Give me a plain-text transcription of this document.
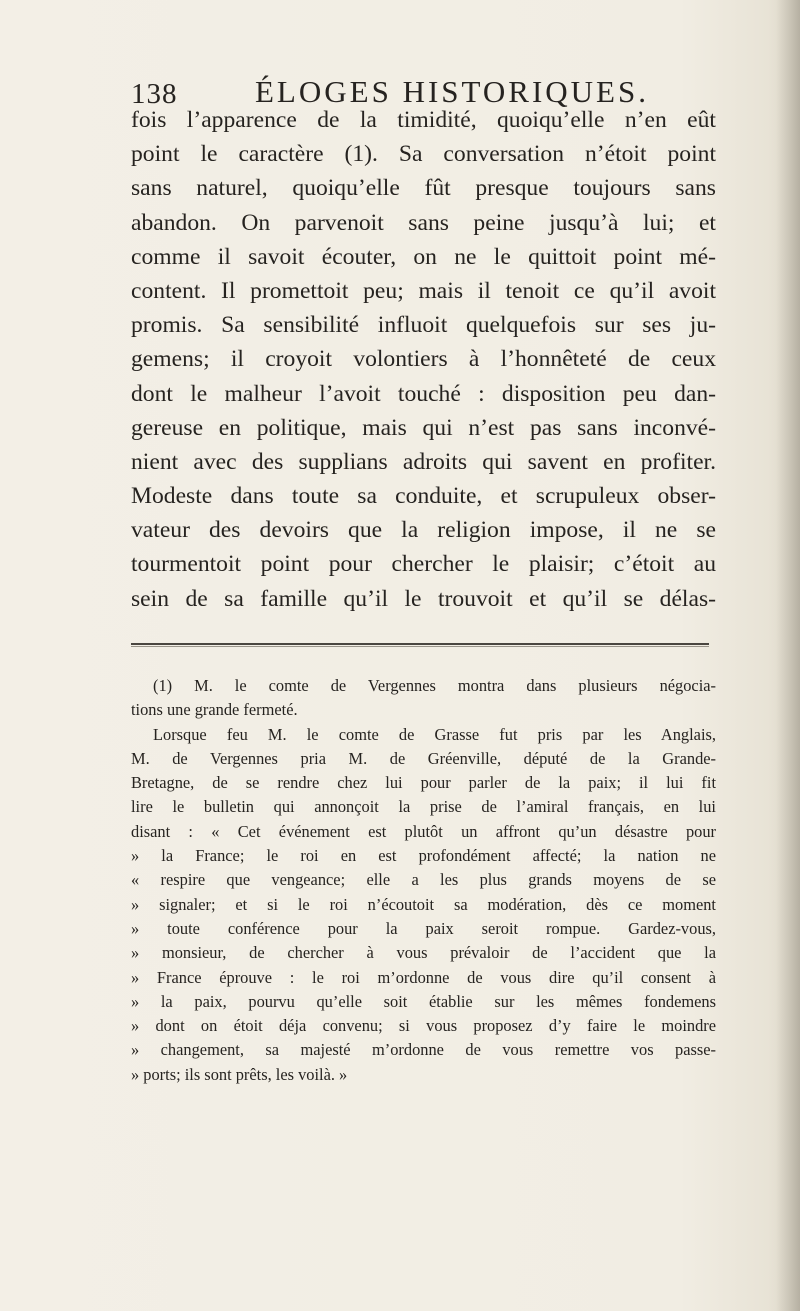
138	ÉLOGES HISTORIQUES.
fois l’apparence de la timidité, quoiqu’elle n’en eût
point le caractère (1). Sa conversation n’étoit point
sans naturel, quoiqu’elle fût presque toujours sans
abandon. On parvenoit sans peine jusqu’à lui; et
comme il savoit écouter, on ne le quittoit point mé-
content. Il promettoit peu; mais il tenoit ce qu’il avoit
promis. Sa sensibilité influoit quelquefois sur ses ju-
gemens; il croyoit volontiers à l’honnêteté de ceux
dont le malheur l’avoit touché : disposition peu dan-
gereuse en politique, mais qui n’est pas sans inconvé-
nient avec des supplians adroits qui savent en profiter.
Modeste dans toute sa conduite, et scrupuleux obser-
vateur des devoirs que la religion impose, il ne se
tourmentoit point pour chercher le plaisir; c’étoit au
sein de sa famille qu’il le trouvoit et qu’il se délas-
(1) M. le comte de Vergennes montra dans plusieurs négocia-
tions une grande fermeté.
Lorsque feu M. le comte de Grasse fut pris par les Anglais,
M. de Vergennes pria M. de Gréenville, député de la Grande-
Bretagne, de se rendre chez lui pour parler de la paix; il lui fit
lire le bulletin qui annonçoit la prise de l’amiral français, en lui
disant : « Cet événement est plutôt un affront qu’un désastre pour
» la France; le roi en est profondément affecté; la nation ne
« respire que vengeance; elle a les plus grands moyens de se
» signaler; et si le roi n’écoutoit sa modération, dès ce moment
» toute conférence pour la paix seroit rompue. Gardez-vous,
» monsieur, de chercher à vous prévaloir de l’accident que la
» France éprouve : le roi m’ordonne de vous dire qu’il consent à
» la paix, pourvu qu’elle soit établie sur les mêmes fondemens
» dont on étoit déja convenu; si vous proposez d’y faire le moindre
» changement, sa majesté m’ordonne de vous remettre vos passe-
» ports; ils sont prêts, les voilà. »
